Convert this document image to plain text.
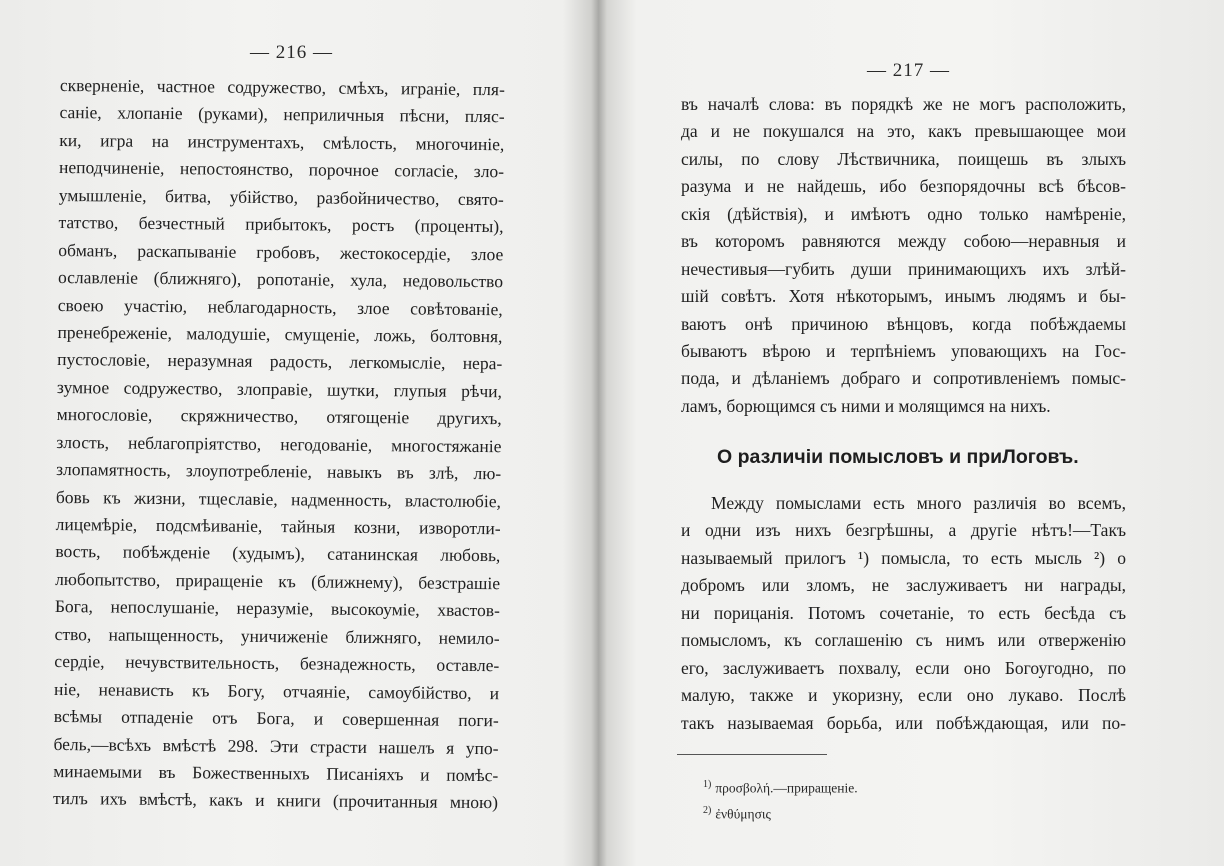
— 216 —
скверненіе, частное содружество, смѣхъ, играніе, пля-
саніе, хлопаніе (руками), неприличныя пѣсни, пляс-
ки, игра на инструментахъ, смѣлость, многочиніе,
неподчиненіе, непостоянство, порочное согласіе, зло-
умышленіе, битва, убійство, разбойничество, свято-
татство, безчестный прибытокъ, ростъ (проценты),
обманъ, раскапываніе гробовъ, жестокосердіе, злое
ославленіе (ближняго), ропотаніе, хула, недовольство
своею участію, неблагодарность, злое совѣтованіе,
пренебреженіе, малодушіе, смущеніе, ложь, болтовня,
пустословіе, неразумная радость, легкомысліе, нера-
зумное содружество, злоправіе, шутки, глупыя рѣчи,
многословіе, скряжничество, отягощеніе другихъ,
злость, неблагопріятство, негодованіе, многостяжаніе
злопамятность, злоупотребленіе, навыкъ въ злѣ, лю-
бовь къ жизни, тщеславіе, надменность, властолюбіе,
лицемѣріе, подсмѣиваніе, тайныя козни, изворотли-
вость, побѣжденіе (худымъ), сатанинская любовь,
любопытство, приращеніе къ (ближнему), безстрашіе
Бога, непослушаніе, неразуміе, высокоуміе, хвастов-
ство, напыщенность, уничиженіе ближняго, немило-
сердіе, нечувствительность, безнадежность, оставле-
ніе, ненависть къ Богу, отчаяніе, самоубійство, и
всѣмы отпаденіе отъ Бога, и совершенная поги-
бель,—всѣхъ вмѣстѣ 298. Эти страсти нашелъ я упо-
минаемыми въ Божественныхъ Писаніяхъ и помѣс-
тилъ ихъ вмѣстѣ, какъ и книги (прочитанныя мною)
— 217 —
въ началѣ слова: въ порядкѣ же не могъ расположить,
да и не покушался на это, какъ превышающее мои
силы, по слову Лѣствичника, поищешь въ злыхъ
разума и не найдешь, ибо безпорядочны всѣ бѣсов-
скія (дѣйствія), и имѣютъ одно только намѣреніе,
въ которомъ равняются между собою—неравныя и
нечестивыя—губить души принимающихъ ихъ злѣй-
шій совѣтъ. Хотя нѣкоторымъ, инымъ людямъ и бы-
ваютъ онѣ причиною вѣнцовъ, когда побѣждаемы
бываютъ вѣрою и терпѣніемъ уповающихъ на Гос-
пода, и дѣланіемъ добраго и сопротивленіемъ помыс-
ламъ, борющимся съ ними и молящимся на нихъ.
О различіи помысловъ и приЛоговъ.
Между помыслами есть много различія во всемъ,
и одни изъ нихъ безгрѣшны, а другіе нѣтъ!—Такъ
называемый прилогъ ¹) помысла, то есть мысль ²) о
добромъ или зломъ, не заслуживаетъ ни награды,
ни порицанія. Потомъ сочетаніе, то есть бесѣда съ
помысломъ, къ соглашенію съ нимъ или отверженію
его, заслуживаетъ похвалу, если оно Богоугодно, по
малую, также и укоризну, если оно лукаво. Послѣ
такъ называемая борьба, или побѣждающая, или по-
$^{1)}$ προσβολή.—приращеніе.
$^{2)}$ ἐνθύμησις
